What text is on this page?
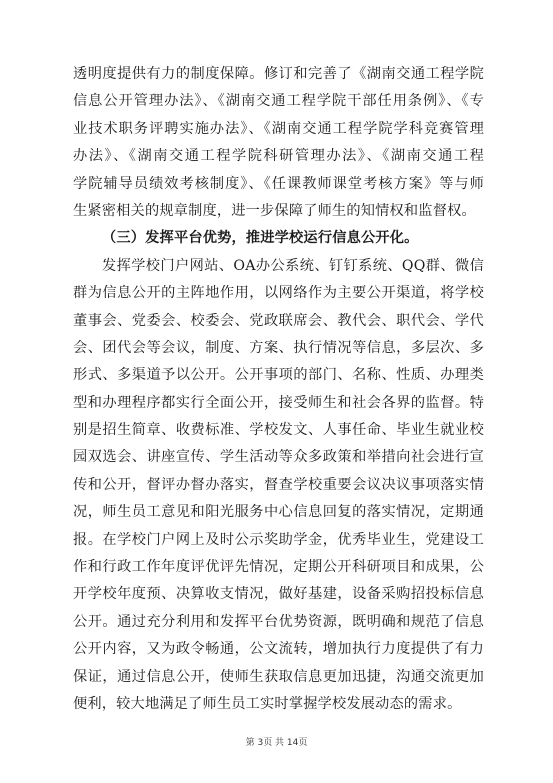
透明度提供有力的制度保障。修订和完善了《湖南交通工程学院
信息公开管理办法》、《湖南交通工程学院干部任用条例》、《专
业技术职务评聘实施办法》、《湖南交通工程学院学科竞赛管理
办法》、《湖南交通工程学院科研管理办法》、《湖南交通工程
学院辅导员绩效考核制度》、《任课教师课堂考核方案》等与师
生紧密相关的规章制度，进一步保障了师生的知情权和监督权。
（三）发挥平台优势，推进学校运行信息公开化。
发挥学校门户网站、OA办公系统、钉钉系统、QQ群、微信
群为信息公开的主阵地作用，以网络作为主要公开渠道，将学校
董事会、党委会、校委会、党政联席会、教代会、职代会、学代
会、团代会等会议，制度、方案、执行情况等信息，多层次、多
形式、多渠道予以公开。公开事项的部门、名称、性质、办理类
型和办理程序都实行全面公开，接受师生和社会各界的监督。特
别是招生简章、收费标准、学校发文、人事任命、毕业生就业校
园双选会、讲座宣传、学生活动等众多政策和举措向社会进行宣
传和公开，督评办督办落实，督查学校重要会议决议事项落实情
况，师生员工意见和阳光服务中心信息回复的落实情况，定期通
报。在学校门户网上及时公示奖助学金，优秀毕业生，党建设工
作和行政工作年度评优评先情况，定期公开科研项目和成果，公
开学校年度预、决算收支情况，做好基建，设备采购招投标信息
公开。通过充分利用和发挥平台优势资源，既明确和规范了信息
公开内容，又为政令畅通，公文流转，增加执行力度提供了有力
保证，通过信息公开，使师生获取信息更加迅捷，沟通交流更加
便利，较大地满足了师生员工实时掌握学校发展动态的需求。
第 3页 共 14页
